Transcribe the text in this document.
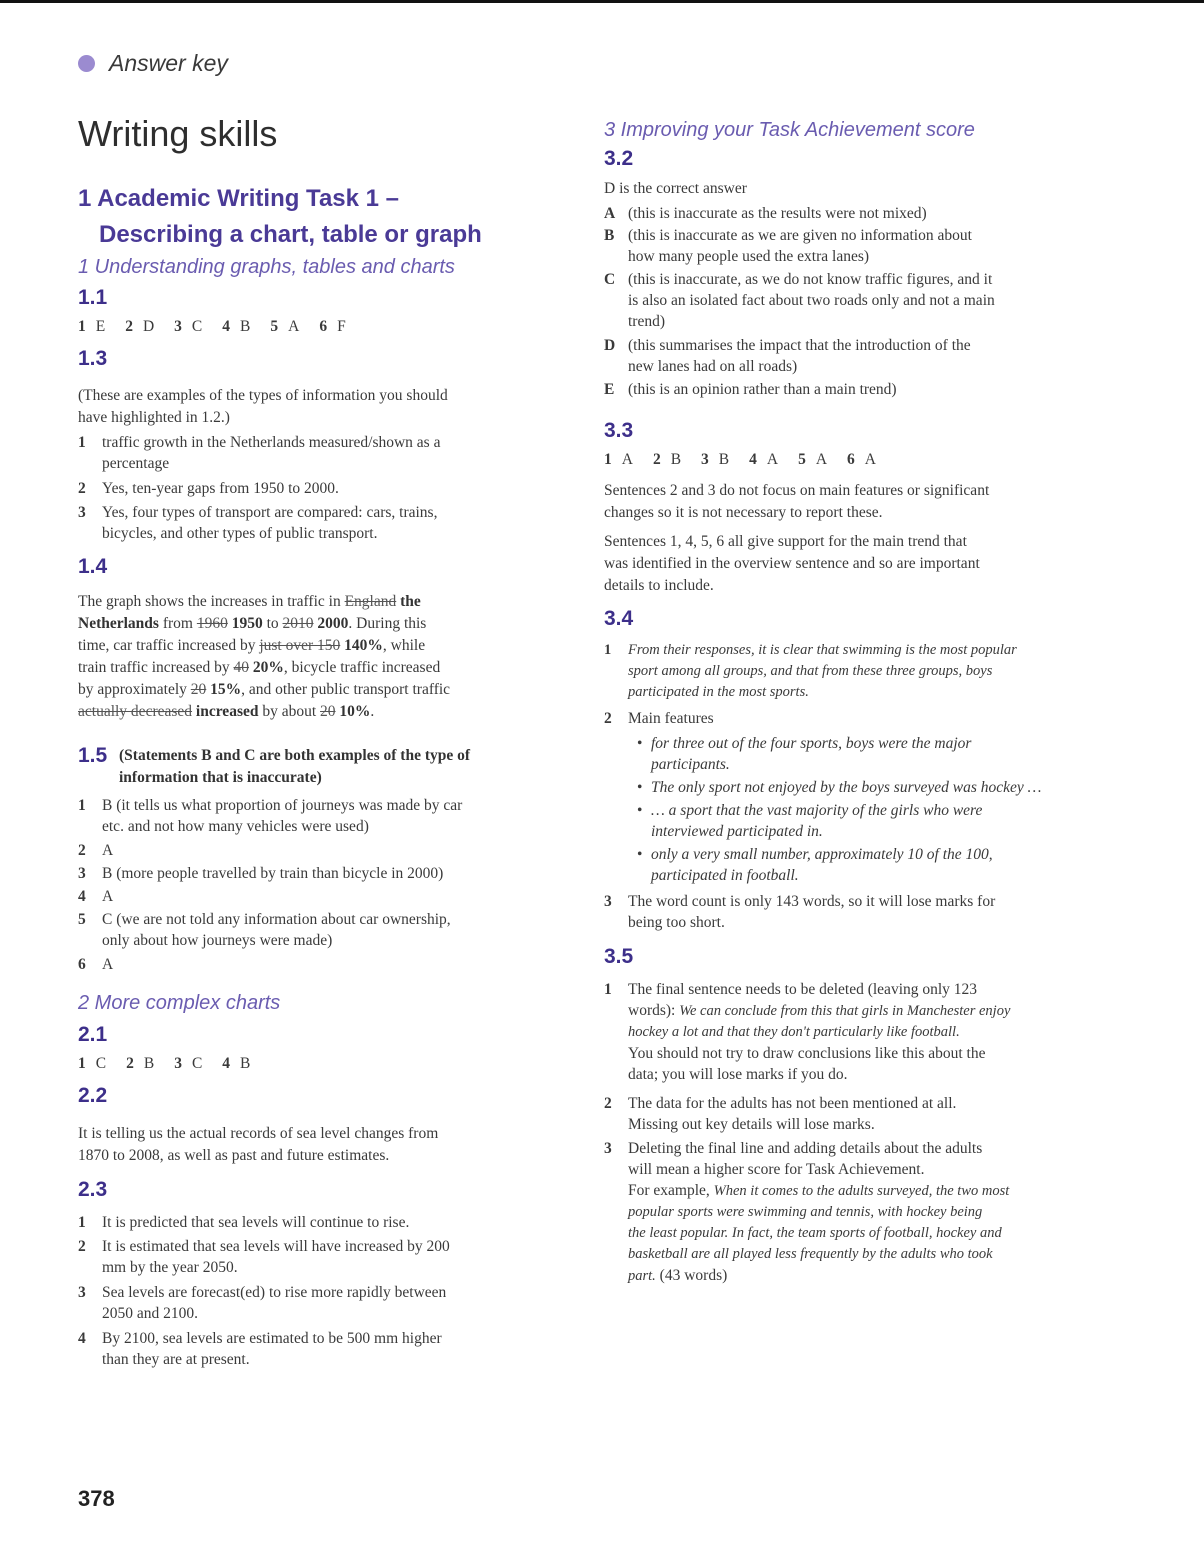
Answer key
Writing skills
1 Academic Writing Task 1 –
Describing a chart, table or graph
1 Understanding graphs, tables and charts
1.1
1 E 2 D 3 C 4 B 5 A 6 F
1.3
(These are examples of the types of information you should
have highlighted in 1.2.)
1 traffic growth in the Netherlands measured/shown as a
percentage
2 Yes, ten-year gaps from 1950 to 2000.
3 Yes, four types of transport are compared: cars, trains,
bicycles, and other types of public transport.
1.4
The graph shows the increases in traffic in England the
Netherlands from 1960 1950 to 2010 2000. During this
time, car traffic increased by just over 150 140%, while
train traffic increased by 40 20%, bicycle traffic increased
by approximately 20 15%, and other public transport traffic
actually decreased increased by about 20 10%.
1.5 (Statements B and C are both examples of the type of
information that is inaccurate)
1 B (it tells us what proportion of journeys was made by car
etc. and not how many vehicles were used)
2 A
3 B (more people travelled by train than bicycle in 2000)
4 A
5 C (we are not told any information about car ownership,
only about how journeys were made)
6 A
2 More complex charts
2.1
1 C 2 B 3 C 4 B
2.2
It is telling us the actual records of sea level changes from
1870 to 2008, as well as past and future estimates.
2.3
1 It is predicted that sea levels will continue to rise.
2 It is estimated that sea levels will have increased by 200
mm by the year 2050.
3 Sea levels are forecast(ed) to rise more rapidly between
2050 and 2100.
4 By 2100, sea levels are estimated to be 500 mm higher
than they are at present.
378
3 Improving your Task Achievement score
3.2
D is the correct answer
A (this is inaccurate as the results were not mixed)
B (this is inaccurate as we are given no information about
how many people used the extra lanes)
C (this is inaccurate, as we do not know traffic figures, and it
is also an isolated fact about two roads only and not a main
trend)
D (this summarises the impact that the introduction of the
new lanes had on all roads)
E (this is an opinion rather than a main trend)
3.3
1 A 2 B 3 B 4 A 5 A 6 A
Sentences 2 and 3 do not focus on main features or significant
changes so it is not necessary to report these.
Sentences 1, 4, 5, 6 all give support for the main trend that
was identified in the overview sentence and so are important
details to include.
3.4
1 From their responses, it is clear that swimming is the most popular
sport among all groups, and that from these three groups, boys
participated in the most sports.
2 Main features
• for three out of the four sports, boys were the major
participants.
• The only sport not enjoyed by the boys surveyed was hockey …
• … a sport that the vast majority of the girls who were
interviewed participated in.
• only a very small number, approximately 10 of the 100,
participated in football.
3 The word count is only 143 words, so it will lose marks for
being too short.
3.5
1 The final sentence needs to be deleted (leaving only 123
words): We can conclude from this that girls in Manchester enjoy
hockey a lot and that they don't particularly like football.
You should not try to draw conclusions like this about the
data; you will lose marks if you do.
2 The data for the adults has not been mentioned at all.
Missing out key details will lose marks.
3 Deleting the final line and adding details about the adults
will mean a higher score for Task Achievement.
For example, When it comes to the adults surveyed, the two most
popular sports were swimming and tennis, with hockey being
the least popular. In fact, the team sports of football, hockey and
basketball are all played less frequently by the adults who took
part. (43 words)
